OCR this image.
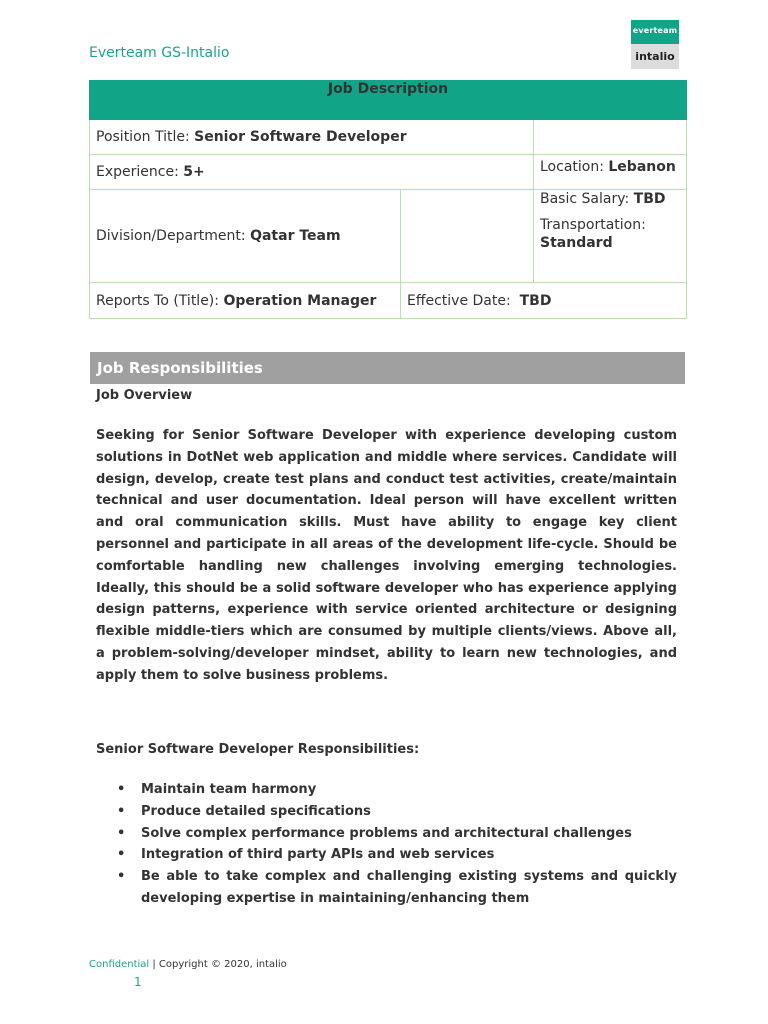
Everteam GS-Intalio
everteam
intalio
Job Description		
Position Title: Senior Software Developer		
Experience: 5+		Location: Lebanon
Division/Department: Qatar Team		Basic Salary: TBD
Transportation:
Standard

Reports To (Title): Operation Manager	Effective Date: TBD	
Job Responsibilities
Job Overview
Seeking for Senior Software Developer with experience developing custom solutions in DotNet web application and middle where services. Candidate will design, develop, create test plans and conduct test activities, create/maintain technical and user documentation. Ideal person will have excellent written and oral communication skills. Must have ability to engage key client personnel and participate in all areas of the development life-cycle. Should be comfortable handling new challenges involving emerging technologies. Ideally, this should be a solid software developer who has experience applying design patterns, experience with service oriented architecture or designing flexible middle-tiers which are consumed by multiple clients/views. Above all, a problem-solving/developer mindset, ability to learn new technologies, and apply them to solve business problems.
Senior Software Developer Responsibilities:
• Maintain team harmony
• Produce detailed specifications
• Solve complex performance problems and architectural challenges
• Integration of third party APIs and web services
• Be able to take complex and challenging existing systems and quickly developing expertise in maintaining/enhancing them
Confidential | Copyright © 2020, intalio
1
